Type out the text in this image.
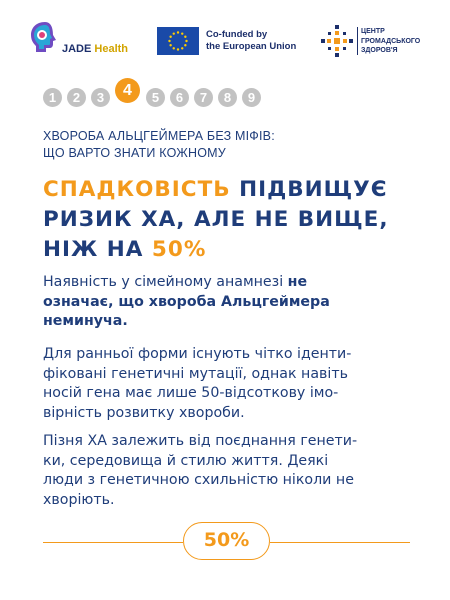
JADE Health
Co-funded by
the European Union
ЦЕНТР
ГРОМАДСЬКОГО
ЗДОРОВ'Я
1	2	3	4	5	6	7	8	9
ХВОРОБА АЛЬЦГЕЙМЕРА БЕЗ МІФІВ:
ЩО ВАРТО ЗНАТИ КОЖНОМУ
СПАДКОВІСТЬ ПІДВИЩУЄ
РИЗИК ХА, АЛЕ НЕ ВИЩЕ,
НІЖ НА 50%
Наявність у сімейному анамнезі не
означає, що хвороба Альцгеймера
неминуча.
Для ранньої форми існують чітко іденти-
фіковані генетичні мутації, однак навіть
носій гена має лише 50-відсоткову імо-
вірність розвитку хвороби.
Пізня ХА залежить від поєднання генети-
ки, середовища й стилю життя. Деякі
люди з генетичною схильністю ніколи не
хворіють.
50%
